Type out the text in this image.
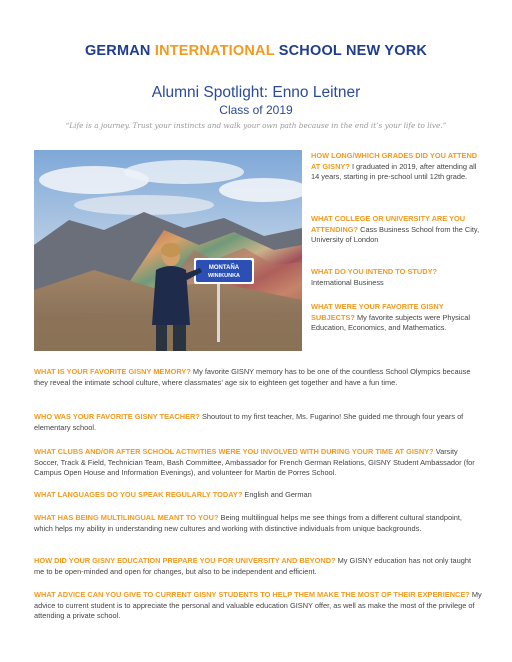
GERMAN INTERNATIONAL SCHOOL NEW YORK
Alumni Spotlight: Enno Leitner
Class of 2019
“Life is a journey. Trust your instincts and walk your own path because in the end it’s your life to live.”
MONTAÑA
WINIKUNKA
HOW LONG/WHICH GRADES DID YOU ATTEND AT GISNY? I graduated in 2019, after attending all 14 years, starting in pre-school until 12th grade.
WHAT COLLEGE OR UNIVERSITY ARE YOU ATTENDING? Cass Business School from the City, University of London
WHAT DO YOU INTEND TO STUDY?
International Business
WHAT WERE YOUR FAVORITE GISNY SUBJECTS? My favorite subjects were Physical Education, Economics, and Mathematics.
WHAT IS YOUR FAVORITE GISNY MEMORY? My favorite GISNY memory has to be one of the countless School Olympics because they reveal the intimate school culture, where classmates’ age six to eighteen get together and have a fun time.
WHO WAS YOUR FAVORITE GISNY TEACHER? Shoutout to my first teacher, Ms. Fugarino! She guided me through four years of elementary school.
WHAT CLUBS AND/OR AFTER SCHOOL ACTIVITIES WERE YOU INVOLVED WITH DURING YOUR TIME AT GISNY? Varsity Soccer, Track & Field, Technician Team, Bash Committee, Ambassador for French German Relations, GISNY Student Ambassador (for Campus Open House and Information Evenings), and volunteer for Martin de Porres School.
WHAT LANGUAGES DO YOU SPEAK REGULARLY TODAY? English and German
WHAT HAS BEING MULTILINGUAL MEANT TO YOU? Being multilingual helps me see things from a different cultural standpoint, which helps my ability in understanding new cultures and working with distinctive individuals from unique backgrounds.
HOW DID YOUR GISNY EDUCATION PREPARE YOU FOR UNIVERSITY AND BEYOND? My GISNY education has not only taught me to be open-minded and open for changes, but also to be independent and efficient.
WHAT ADVICE CAN YOU GIVE TO CURRENT GISNY STUDENTS TO HELP THEM MAKE THE MOST OF THEIR EXPERIENCE? My advice to current student is to appreciate the personal and valuable education GISNY offer, as well as make the most of the privilege of attending a private school.
